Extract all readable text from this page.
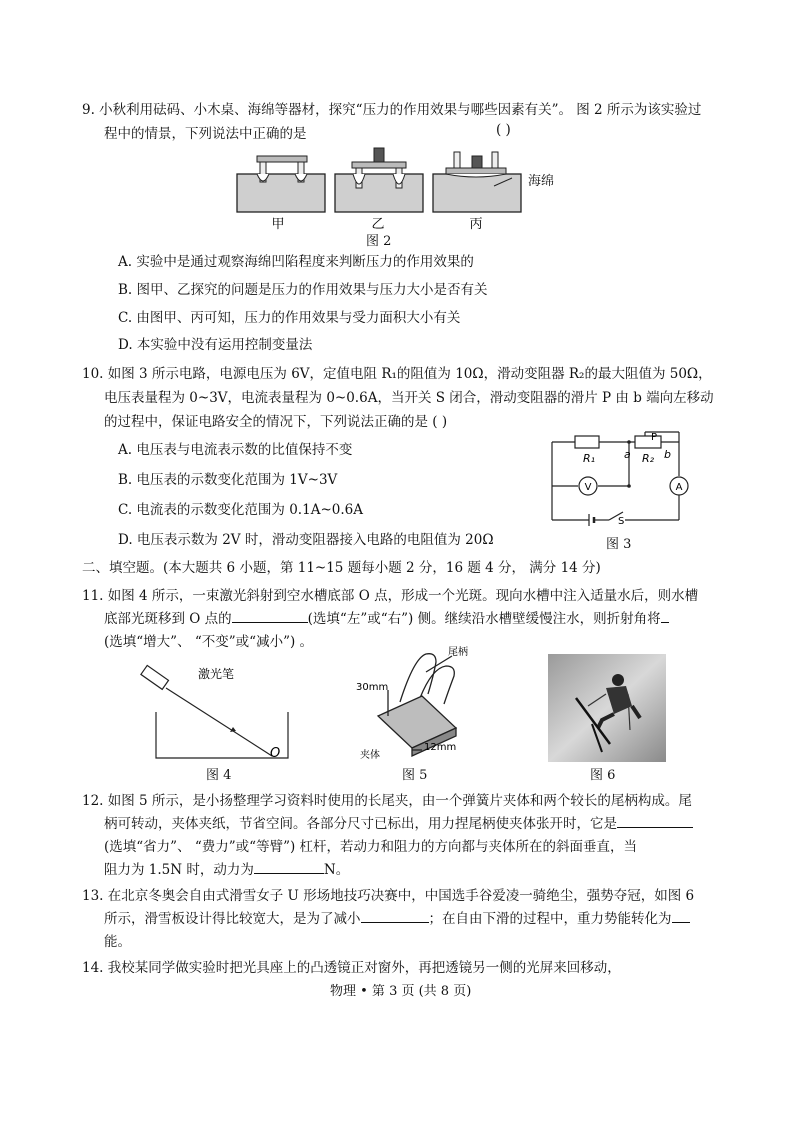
9. 小秋利用砝码、小木桌、海绵等器材，探究“压力的作用效果与哪些因素有关”。 图 2 所示为该实验过
程中的情景，下列说法中正确的是	( )
甲	乙	丙
海绵
图 2
A. 实验中是通过观察海绵凹陷程度来判断压力的作用效果的
B. 图甲、乙探究的问题是压力的作用效果与压力大小是否有关
C. 由图甲、丙可知，压力的作用效果与受力面积大小有关
D. 本实验中没有运用控制变量法
10. 如图 3 所示电路，电源电压为 6V，定值电阻 R₁的阻值为 10Ω，滑动变阻器 R₂的最大阻值为 50Ω，
电压表量程为 0~3V，电流表量程为 0~0.6A，当开关 S 闭合，滑动变阻器的滑片 P 由 b 端向左移动
的过程中，保证电路安全的情况下，下列说法正确的是 ( )
A. 电压表与电流表示数的比值保持不变
B. 电压表的示数变化范围为 1V~3V
C. 电流表的示数变化范围为 0.1A~0.6A
D. 电压表示数为 2V 时，滑动变阻器接入电路的电阻值为 20Ω
R₁	R₂
a	b
P
V	A
S
图 3
二、填空题。(本大题共 6 小题，第 11~15 题每小题 2 分，16 题 4 分， 满分 14 分)
11. 如图 4 所示，一束激光斜射到空水槽底部 O 点，形成一个光斑。现向水槽中注入适量水后，则水槽
底部光斑移到 O 点的	(选填“左”或“右”) 侧。继续沿水槽壁缓慢注水，则折射角将
(选填“增大”、 “不变”或“减小”) 。
激光笔
O
图 4
尾柄
30mm
夹体
12mm
图 5	图 6
12. 如图 5 所示，是小扬整理学习资料时使用的长尾夹，由一个弹簧片夹体和两个较长的尾柄构成。尾
柄可转动，夹体夹纸，节省空间。各部分尺寸已标出，用力捏尾柄使夹体张开时，它是
(选填“省力”、 “费力”或“等臂”) 杠杆，若动力和阻力的方向都与夹体所在的斜面垂直，当
阻力为 1.5N 时，动力为	N。
13. 在北京冬奥会自由式滑雪女子 U 形场地技巧决赛中，中国选手谷爱凌一骑绝尘，强势夺冠，如图 6
所示，滑雪板设计得比较宽大，是为了减小	；在自由下滑的过程中，重力势能转化为
能。
14. 我校某同学做实验时把光具座上的凸透镜正对窗外，再把透镜另一侧的光屏来回移动，
物理 • 第 3 页 (共 8 页)
